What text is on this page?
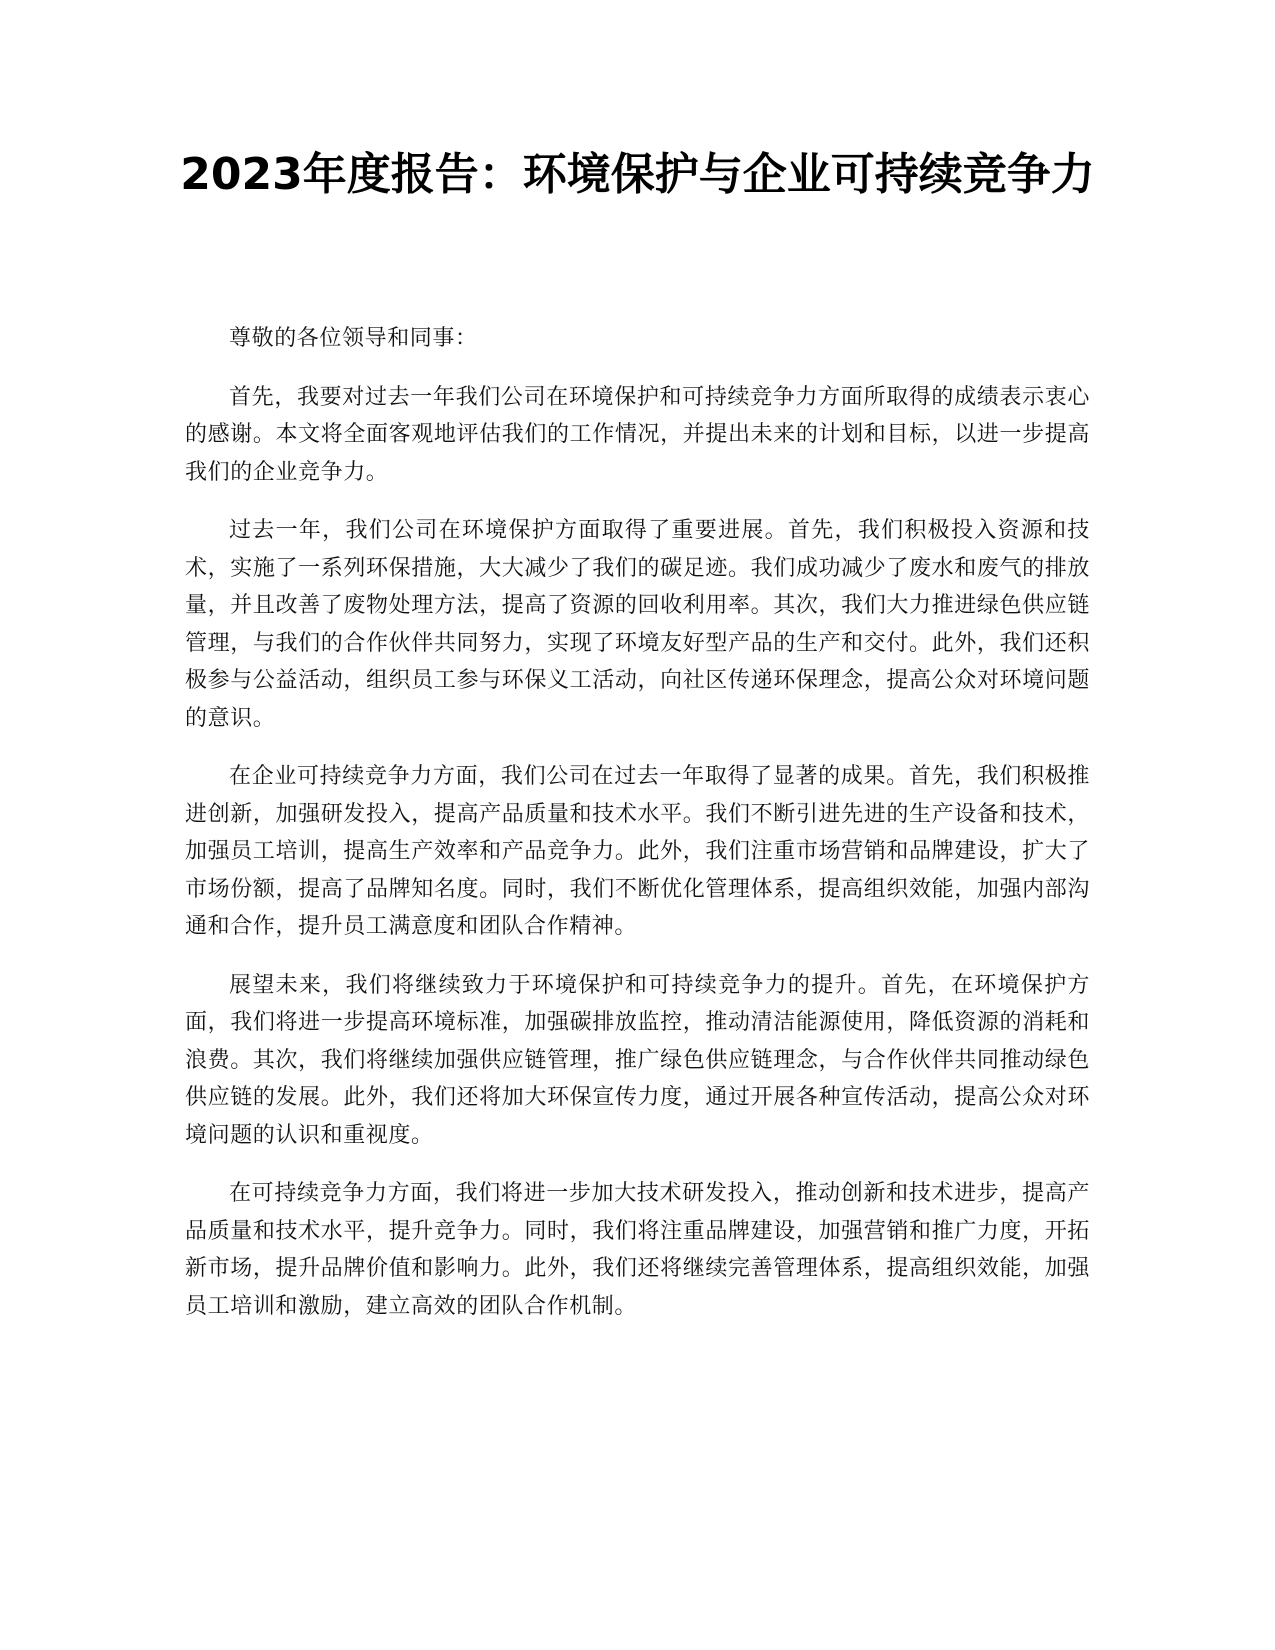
2023年度报告：环境保护与企业可持续竞争力

尊敬的各位领导和同事：

首先，我要对过去一年我们公司在环境保护和可持续竞争力方面所取得的成绩表示衷心的感谢。本文将全面客观地评估我们的工作情况，并提出未来的计划和目标，以进一步提高我们的企业竞争力。

过去一年，我们公司在环境保护方面取得了重要进展。首先，我们积极投入资源和技术，实施了一系列环保措施，大大减少了我们的碳足迹。我们成功减少了废水和废气的排放量，并且改善了废物处理方法，提高了资源的回收利用率。其次，我们大力推进绿色供应链管理，与我们的合作伙伴共同努力，实现了环境友好型产品的生产和交付。此外，我们还积极参与公益活动，组织员工参与环保义工活动，向社区传递环保理念，提高公众对环境问题的意识。

在企业可持续竞争力方面，我们公司在过去一年取得了显著的成果。首先，我们积极推进创新，加强研发投入，提高产品质量和技术水平。我们不断引进先进的生产设备和技术，加强员工培训，提高生产效率和产品竞争力。此外，我们注重市场营销和品牌建设，扩大了市场份额，提高了品牌知名度。同时，我们不断优化管理体系，提高组织效能，加强内部沟通和合作，提升员工满意度和团队合作精神。

展望未来，我们将继续致力于环境保护和可持续竞争力的提升。首先，在环境保护方面，我们将进一步提高环境标准，加强碳排放监控，推动清洁能源使用，降低资源的消耗和浪费。其次，我们将继续加强供应链管理，推广绿色供应链理念，与合作伙伴共同推动绿色供应链的发展。此外，我们还将加大环保宣传力度，通过开展各种宣传活动，提高公众对环境问题的认识和重视度。

在可持续竞争力方面，我们将进一步加大技术研发投入，推动创新和技术进步，提高产品质量和技术水平，提升竞争力。同时，我们将注重品牌建设，加强营销和推广力度，开拓新市场，提升品牌价值和影响力。此外，我们还将继续完善管理体系，提高组织效能，加强员工培训和激励，建立高效的团队合作机制。
